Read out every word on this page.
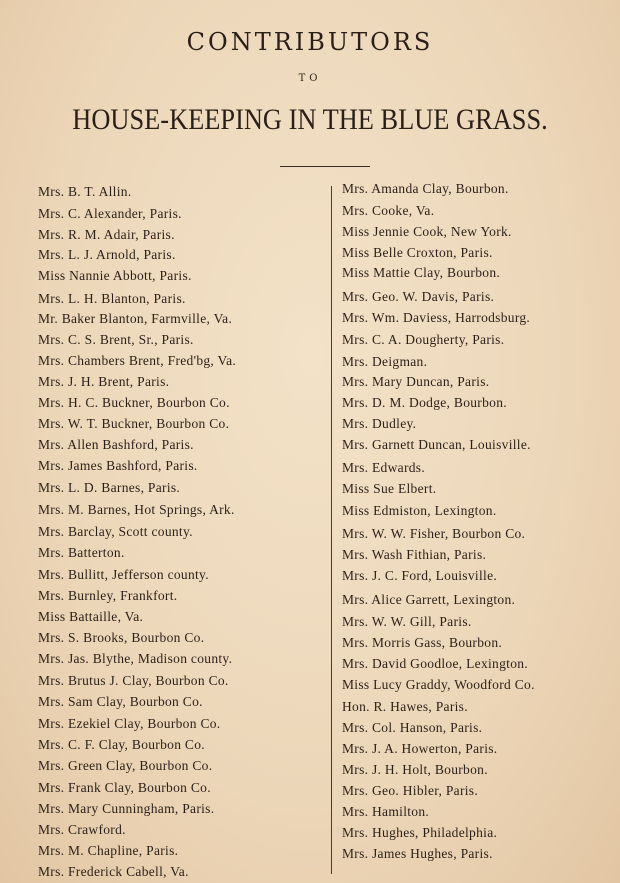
CONTRIBUTORS
TO
HOUSE-KEEPING IN THE BLUE GRASS.
Mrs. B. T. Allin.
Mrs. C. Alexander, Paris.
Mrs. R. M. Adair, Paris.
Mrs. L. J. Arnold, Paris.
Miss Nannie Abbott, Paris.
Mrs. L. H. Blanton, Paris.
Mr. Baker Blanton, Farmville, Va.
Mrs. C. S. Brent, Sr., Paris.
Mrs. Chambers Brent, Fred'bg, Va.
Mrs. J. H. Brent, Paris.
Mrs. H. C. Buckner, Bourbon Co.
Mrs. W. T. Buckner, Bourbon Co.
Mrs. Allen Bashford, Paris.
Mrs. James Bashford, Paris.
Mrs. L. D. Barnes, Paris.
Mrs. M. Barnes, Hot Springs, Ark.
Mrs. Barclay, Scott county.
Mrs. Batterton.
Mrs. Bullitt, Jefferson county.
Mrs. Burnley, Frankfort.
Miss Battaille, Va.
Mrs. S. Brooks, Bourbon Co.
Mrs. Jas. Blythe, Madison county.
Mrs. Brutus J. Clay, Bourbon Co.
Mrs. Sam Clay, Bourbon Co.
Mrs. Ezekiel Clay, Bourbon Co.
Mrs. C. F. Clay, Bourbon Co.
Mrs. Green Clay, Bourbon Co.
Mrs. Frank Clay, Bourbon Co.
Mrs. Mary Cunningham, Paris.
Mrs. Crawford.
Mrs. M. Chapline, Paris.
Mrs. Frederick Cabell, Va.
Mrs. Amanda Clay, Bourbon.
Mrs. Cooke, Va.
Miss Jennie Cook, New York.
Miss Belle Croxton, Paris.
Miss Mattie Clay, Bourbon.
Mrs. Geo. W. Davis, Paris.
Mrs. Wm. Daviess, Harrodsburg.
Mrs. C. A. Dougherty, Paris.
Mrs. Deigman.
Mrs. Mary Duncan, Paris.
Mrs. D. M. Dodge, Bourbon.
Mrs. Dudley.
Mrs. Garnett Duncan, Louisville.
Mrs. Edwards.
Miss Sue Elbert.
Miss Edmiston, Lexington.
Mrs. W. W. Fisher, Bourbon Co.
Mrs. Wash Fithian, Paris.
Mrs. J. C. Ford, Louisville.
Mrs. Alice Garrett, Lexington.
Mrs. W. W. Gill, Paris.
Mrs. Morris Gass, Bourbon.
Mrs. David Goodloe, Lexington.
Miss Lucy Graddy, Woodford Co.
Hon. R. Hawes, Paris.
Mrs. Col. Hanson, Paris.
Mrs. J. A. Howerton, Paris.
Mrs. J. H. Holt, Bourbon.
Mrs. Geo. Hibler, Paris.
Mrs. Hamilton.
Mrs. Hughes, Philadelphia.
Mrs. James Hughes, Paris.
